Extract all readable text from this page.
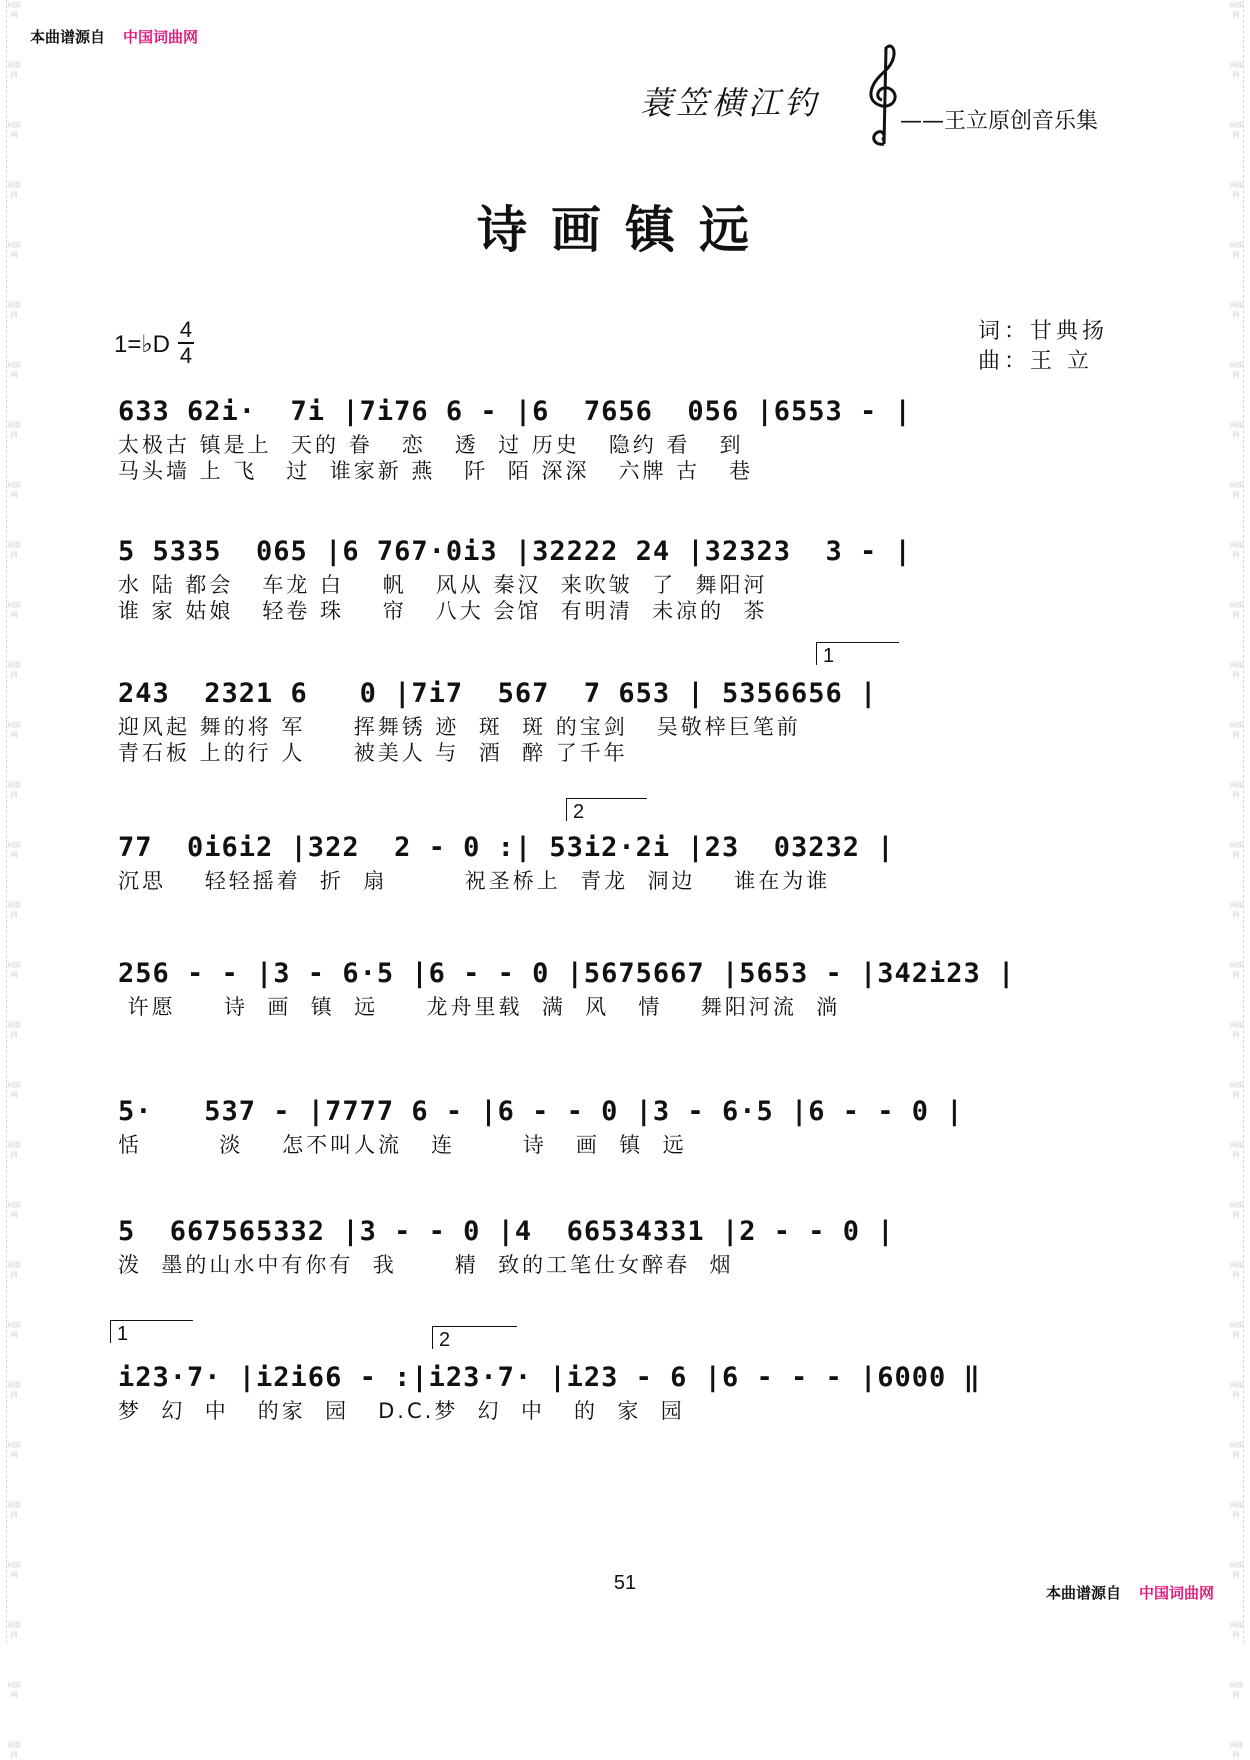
词曲网
词曲网
词曲网
词曲网
词曲网
词曲网
词曲网
词曲网
词曲网
词曲网
词曲网
词曲网
词曲网
词曲网
词曲网
词曲网
词曲网
词曲网
词曲网
词曲网
词曲网
词曲网
词曲网
词曲网
词曲网
词曲网
词曲网
词曲网
词曲网
词曲网
词曲网
词曲网
词曲网
词曲网
词曲网
词曲网
词曲网
词曲网
词曲网
词曲网
词曲网
词曲网
词曲网
词曲网
词曲网
词曲网
词曲网
词曲网
词曲网
词曲网
词曲网
词曲网
词曲网
词曲网
词曲网
词曲网
词曲网
词曲网
词曲网
词曲网
本曲谱源自 中国词曲网
蓑笠横江钓	——王立原创音乐集
诗画镇远
1=♭D
4
4
词：甘典扬
曲：王 立
633 62i·  7i |7i76 6 - |6  7656  056 |6553 - |
太极古 镇是上  天的 眷   恋   透  过 历史   隐约 看   到
马头墙 上 飞   过  谁家新 燕   阡  陌 深深   六牌 古   巷
5 5335  065 |6 767·0i3 |32222 24 |32323  3 - |
水 陆 都会   车龙 白    帆   风从 秦汉  来吹皱  了  舞阳河
谁 家 姑娘   轻卷 珠    帘   八大 会馆  有明清  未凉的  茶
1
243  2321 6   0 |7i7  567  7 653 | 5356656 |
迎风起 舞的将 军     挥舞锈 迹  斑  斑 的宝剑   吴敬梓巨笔前
青石板 上的行 人     被美人 与  酒  醉 了千年
2
77  0i6i2 |322  2 - 0 :| 53i2·2i |23  03232 |
沉思    轻轻摇着  折  扇        祝圣桥上  青龙  洞边    谁在为谁
256 - - |3 - 6·5 |6 - - 0 |5675667 |5653 - |342i23 |
许愿     诗  画  镇  远     龙舟里载  满  风   情    舞阳河流  淌
5·   537 - |7777 6 - |6 - - 0 |3 - 6·5 |6 - - 0 |
恬        淡    怎不叫人流   连       诗   画  镇  远
5  667565332 |3 - - 0 |4  66534331 |2 - - 0 |
泼  墨的山水中有你有  我      精  致的工笔仕女醉春  烟
1	2
i23·7· |i2i66 - :|i23·7· |i23 - 6 |6 - - - |6000 ‖
梦  幻  中   的家  园   D.C.梦  幻  中   的  家  园
51	本曲谱源自 中国词曲网
